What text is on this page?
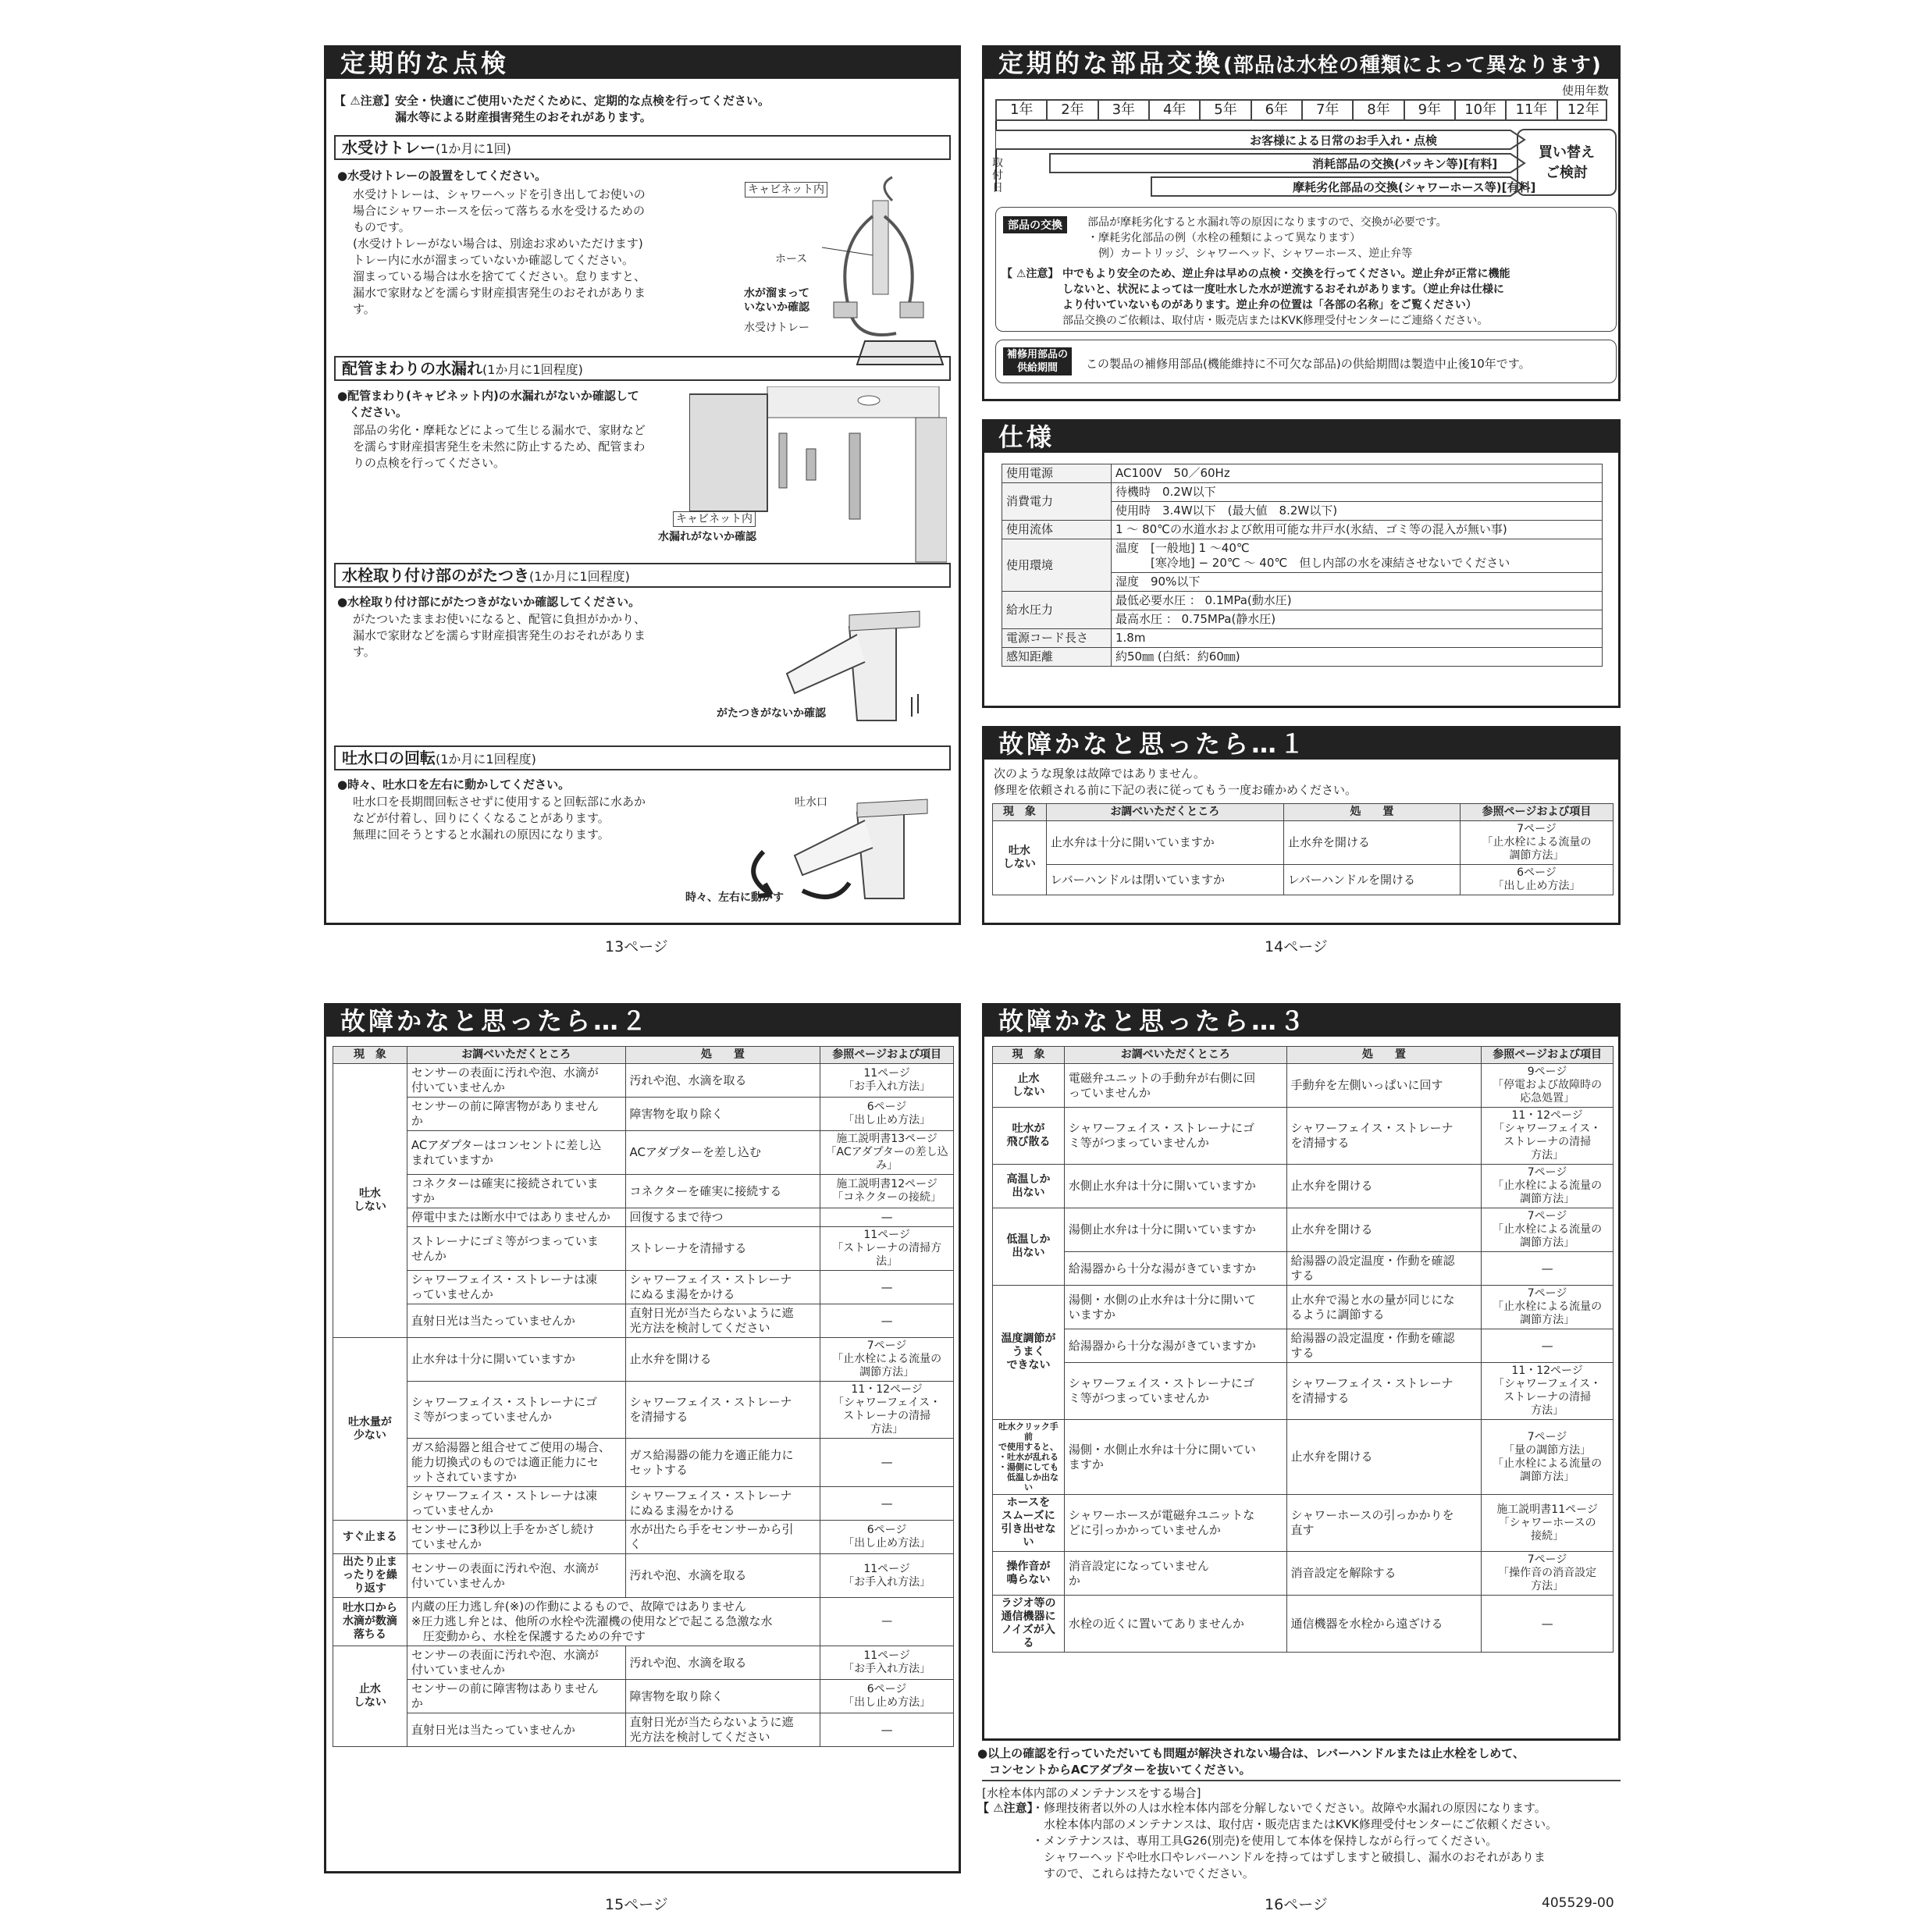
定期的な点検
【 ⚠注意】 安全・快適にご使用いただくために、定期的な点検を行ってください。
漏水等による財産損害発生のおそれがあります。
水受けトレー(1か月に1回)
●水受けトレーの設置をしてください。
水受けトレーは、シャワーヘッドを引き出してお使いの
場合にシャワーホースを伝って落ちる水を受けるための
ものです。
(水受けトレーがない場合は、別途お求めいただけます)
トレー内に水が溜まっていないか確認してください。
溜まっている場合は水を捨ててください。怠りますと、
漏水で家財などを濡らす財産損害発生のおそれがありま
す。
キャビネット内
ホース
水が溜まって
いないか確認
水受けトレー
配管まわりの水漏れ(1か月に1回程度)
●配管まわり(キャビネット内)の水漏れがないか確認して
　ください。
部品の劣化・摩耗などによって生じる漏水で、家財など
を濡らす財産損害発生を未然に防止するため、配管まわ
りの点検を行ってください。
キャビネット内
水漏れがないか確認
水栓取り付け部のがたつき(1か月に1回程度)
●水栓取り付け部にがたつきがないか確認してください。
がたついたままお使いになると、配管に負担がかかり、
漏水で家財などを濡らす財産損害発生のおそれがありま
す。
がたつきがないか確認
吐水口の回転(1か月に1回程度)
●時々、吐水口を左右に動かしてください。
吐水口を長期間回転させずに使用すると回転部に水あか
などが付着し、回りにくくなることがあります。
無理に回そうとすると水漏れの原因になります。
吐水口
時々、左右に動かす
13ページ
定期的な部品交換(部品は水栓の種類によって異なります)
使用年数
1年	2年	3年	4年	5年	6年	7年	8年	9年	10年	11年	12年
取
付
日
お客様による日常のお手入れ・点検
消耗部品の交換(パッキン等)[有料]
摩耗劣化部品の交換(シャワーホース等)[有料]
買い替え
ご検討
部品の交換	部品が摩耗劣化すると水漏れ等の原因になりますので、交換が必要です。
・摩耗劣化部品の例（水栓の種類によって異なります）
　例）カートリッジ、シャワーヘッド、シャワーホース、逆止弁等
【 ⚠注意】 中でもより安全のため、逆止弁は早めの点検・交換を行ってください。逆止弁が正常に機能
しないと、状況によっては一度吐水した水が逆流するおそれがあります。（逆止弁は仕様に
より付いていないものがあります。逆止弁の位置は「各部の名称」をご覧ください）
部品交換のご依頼は、取付店・販売店またはKVK修理受付センターにご連絡ください。
補修用部品の
供給期間	この製品の補修用部品(機能維持に不可欠な部品)の供給期間は製造中止後10年です。
仕様
使用電源	AC100V　50／60Hz
消費電力	待機時　0.2W以下
	使用時　3.4W以下　(最大値　8.2W以下)
使用流体	1 ～ 80℃の水道水および飲用可能な井戸水(氷結、ゴミ等の混入が無い事)
使用環境	温度　[一般地] 1 ～40℃
　　　[寒冷地] − 20℃ ～ 40℃　但し内部の水を凍結させないでください
	湿度　90%以下
給水圧力	最低必要水圧 ： 0.1MPa(動水圧)
	最高水圧 ： 0.75MPa(静水圧)
電源コード長さ	1.8m
感知距離	約50㎜ (白紙：約60㎜)
故障かなと思ったら…１
次のような現象は故障ではありません。
修理を依頼される前に下記の表に従ってもう一度お確かめください。
現　象	お調べいただくところ	処　　置	参照ページおよび項目
吐水
しない	止水弁は十分に開いていますか	止水弁を開ける	7ページ
「止水栓による流量の
調節方法」
	レバーハンドルは閉いていますか	レバーハンドルを開ける	6ページ
「出し止め方法」
14ページ
故障かなと思ったら…２
現　象	お調べいただくところ	処　　置	参照ページおよび項目
吐水
しない	センサーの表面に汚れや泡、水滴が
付いていませんか	汚れや泡、水滴を取る	11ページ
「お手入れ方法」
	センサーの前に障害物がありません
か	障害物を取り除く	6ページ
「出し止め方法」
	ACアダプターはコンセントに差し込
まれていますか	ACアダプターを差し込む	施工説明書13ページ
「ACアダプターの差し込み」
	コネクターは確実に接続されていま
すか	コネクターを確実に接続する	施工説明書12ページ
「コネクターの接続」
	停電中または断水中ではありませんか	回復するまで待つ	—
	ストレーナにゴミ等がつまっていま
せんか	ストレーナを清掃する	11ページ
「ストレーナの清掃方法」
	シャワーフェイス・ストレーナは凍
っていませんか	シャワーフェイス・ストレーナ
にぬるま湯をかける	—
	直射日光は当たっていませんか	直射日光が当たらないように遮
光方法を検討してください	—
吐水量が
少ない	止水弁は十分に開いていますか	止水弁を開ける	7ページ
「止水栓による流量の
調節方法」
	シャワーフェイス・ストレーナにゴ
ミ等がつまっていませんか	シャワーフェイス・ストレーナ
を清掃する	11・12ページ
「シャワーフェイス・
ストレーナの清掃
方法」
	ガス給湯器と組合せてご使用の場合、
能力切換式のものでは適正能力にセ
ットされていますか	ガス給湯器の能力を適正能力に
セットする	—
	シャワーフェイス・ストレーナは凍
っていませんか	シャワーフェイス・ストレーナ
にぬるま湯をかける	—
すぐ止まる	センサーに3秒以上手をかざし続け
ていませんか	水が出たら手をセンサーから引
く	6ページ
「出し止め方法」
出たり止ま
ったりを繰
り返す	センサーの表面に汚れや泡、水滴が
付いていませんか	汚れや泡、水滴を取る	11ページ
「お手入れ方法」
吐水口から
水滴が数滴
落ちる	内蔵の圧力逃し弁(※)の作動によるもので、故障ではありません
※圧力逃し弁とは、他所の水栓や洗濯機の使用などで起こる急激な水
　圧変動から、水栓を保護するための弁です		—
止水
しない	センサーの表面に汚れや泡、水滴が
付いていませんか	汚れや泡、水滴を取る	11ページ
「お手入れ方法」
	センサーの前に障害物はありません
か	障害物を取り除く	6ページ
「出し止め方法」
	直射日光は当たっていませんか	直射日光が当たらないように遮
光方法を検討してください	—
15ページ
故障かなと思ったら…３
現　象	お調べいただくところ	処　　置	参照ページおよび項目
止水
しない	電磁弁ユニットの手動弁が右側に回
っていませんか	手動弁を左側いっぱいに回す	9ページ
「停電および故障時の
応急処置」
吐水が
飛び散る	シャワーフェイス・ストレーナにゴ
ミ等がつまっていませんか	シャワーフェイス・ストレーナ
を清掃する	11・12ページ
「シャワーフェイス・
ストレーナの清掃
方法」
高温しか
出ない	水側止水弁は十分に開いていますか	止水弁を開ける	7ページ
「止水栓による流量の
調節方法」
低温しか
出ない	湯側止水弁は十分に開いていますか	止水弁を開ける	7ページ
「止水栓による流量の
調節方法」
	給湯器から十分な湯がきていますか	給湯器の設定温度・作動を確認
する	—
温度調節が
うまく
できない	湯側・水側の止水弁は十分に開いて
いますか	止水弁で湯と水の量が同じにな
るように調節する	7ページ
「止水栓による流量の
調節方法」
	給湯器から十分な湯がきていますか	給湯器の設定温度・作動を確認
する	—
	シャワーフェイス・ストレーナにゴ
ミ等がつまっていませんか	シャワーフェイス・ストレーナ
を清掃する	11・12ページ
「シャワーフェイス・
ストレーナの清掃
方法」
吐水クリック手前
で使用すると、
・吐水が乱れる
・湯側にしても
　低温しか出ない	湯側・水側止水弁は十分に開いてい
ますか	止水弁を開ける	7ページ
「量の調節方法」
「止水栓による流量の
調節方法」
ホースを
スムーズに
引き出せない	シャワーホースが電磁弁ユニットな
どに引っかかっていませんか	シャワーホースの引っかかりを
直す	施工説明書11ページ
「シャワーホースの
接続」
操作音が
鳴らない	消音設定になっていません
か	消音設定を解除する	7ページ
「操作音の消音設定
方法」
ラジオ等の
通信機器に
ノイズが入る	水栓の近くに置いてありませんか	通信機器を水栓から遠ざける	—
●以上の確認を行っていただいても問題が解決されない場合は、レバーハンドルまたは止水栓をしめて、
　コンセントからACアダプターを抜いてください。
[水栓本体内部のメンテナンスをする場合]
【 ⚠注意】
・修理技術者以外の人は水栓本体内部を分解しないでください。故障や水漏れの原因になります。
　水栓本体内部のメンテナンスは、取付店・販売店またはKVK修理受付センターにご依頼ください。
・メンテナンスは、専用工具G26(別売)を使用して本体を保持しながら行ってください。
　シャワーヘッドや吐水口やレバーハンドルを持ってはずしますと破損し、漏水のおそれがありま
　すので、これらは持たないでください。
16ページ	405529-00
